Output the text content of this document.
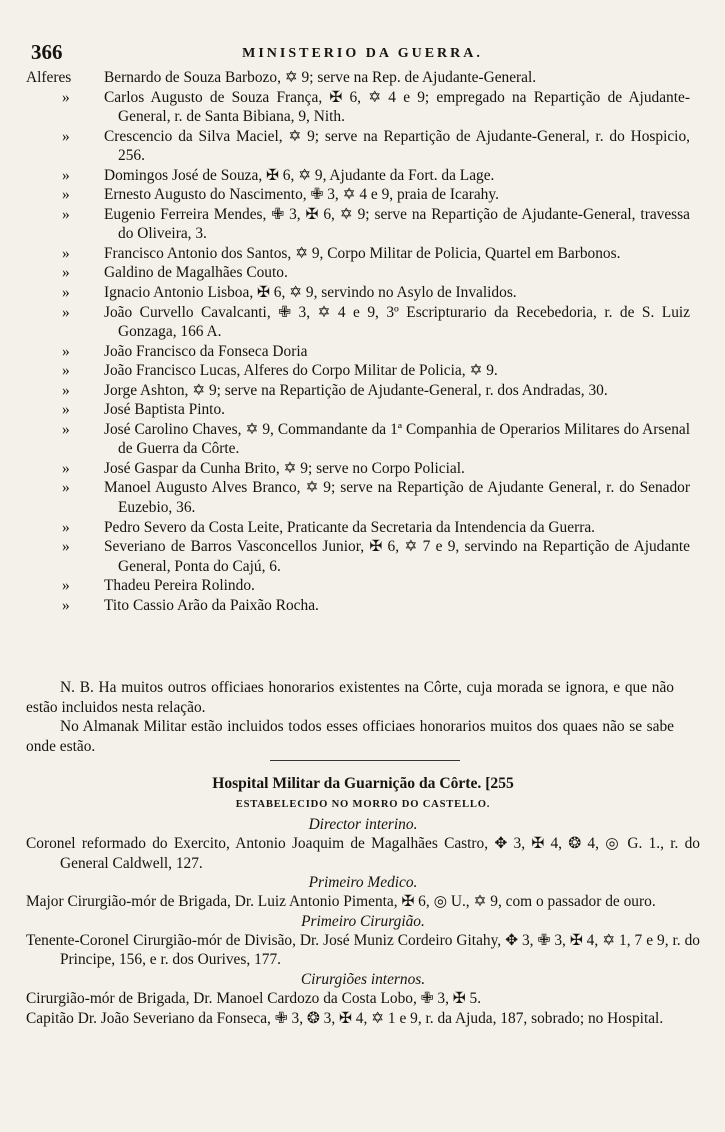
366	MINISTERIO DA GUERRA.
Alferes Bernardo de Souza Barbozo, ✡ 9; serve na Rep. de Ajudante-General.
»	Carlos Augusto de Souza França, ✠ 6, ✡ 4 e 9; empregado na Repartição de Ajudante-General, r. de Santa Bibiana, 9, Nith.
»	Crescencio da Silva Maciel, ✡ 9; serve na Repartição de Ajudante-General, r. do Hospicio, 256.
»	Domingos José de Souza, ✠ 6, ✡ 9, Ajudante da Fort. da Lage.
»	Ernesto Augusto do Nascimento, ✙ 3, ✡ 4 e 9, praia de Icarahy.
»	Eugenio Ferreira Mendes, ✙ 3, ✠ 6, ✡ 9; serve na Repartição de Ajudante-General, travessa do Oliveira, 3.
»	Francisco Antonio dos Santos, ✡ 9, Corpo Militar de Policia, Quartel em Barbonos.
»	Galdino de Magalhães Couto.
»	Ignacio Antonio Lisboa, ✠ 6, ✡ 9, servindo no Asylo de Invalidos.
»	João Curvello Cavalcanti, ✙ 3, ✡ 4 e 9, 3º Escripturario da Recebedoria, r. de S. Luiz Gonzaga, 166 A.
»	João Francisco da Fonseca Doria
»	João Francisco Lucas, Alferes do Corpo Militar de Policia, ✡ 9.
»	Jorge Ashton, ✡ 9; serve na Repartição de Ajudante-General, r. dos Andradas, 30.
»	José Baptista Pinto.
»	José Carolino Chaves, ✡ 9, Commandante da 1ª Companhia de Operarios Militares do Arsenal de Guerra da Côrte.
»	José Gaspar da Cunha Brito, ✡ 9; serve no Corpo Policial.
»	Manoel Augusto Alves Branco, ✡ 9; serve na Repartição de Ajudante General, r. do Senador Euzebio, 36.
»	Pedro Severo da Costa Leite, Praticante da Secretaria da Intendencia da Guerra.
»	Severiano de Barros Vasconcellos Junior, ✠ 6, ✡ 7 e 9, servindo na Repartição de Ajudante General, Ponta do Cajú, 6.
»	Thadeu Pereira Rolindo.
»	Tito Cassio Arão da Paixão Rocha.
N. B. Ha muitos outros officiaes honorarios existentes na Côrte, cuja morada se ignora, e que não estão incluidos nesta relação.
No Almanak Militar estão incluidos todos esses officiaes honorarios muitos dos quaes não se sabe onde estão.
Hospital Militar da Guarnição da Côrte. [255
ESTABELECIDO NO MORRO DO CASTELLO.
Director interino.
Coronel reformado do Exercito, Antonio Joaquim de Magalhães Castro, ✥ 3, ✠ 4, ❂ 4, ◎ G. 1., r. do General Caldwell, 127.
Primeiro Medico.
Major Cirurgião-mór de Brigada, Dr. Luiz Antonio Pimenta, ✠ 6, ◎ U., ✡ 9, com o passador de ouro.
Primeiro Cirurgião.
Tenente-Coronel Cirurgião-mór de Divisão, Dr. José Muniz Cordeiro Gitahy, ✥ 3, ✙ 3, ✠ 4, ✡ 1, 7 e 9, r. do Principe, 156, e r. dos Ourives, 177.
Cirurgiões internos.
Cirurgião-mór de Brigada, Dr. Manoel Cardozo da Costa Lobo, ✙ 3, ✠ 5.
Capitão Dr. João Severiano da Fonseca, ✙ 3, ❂ 3, ✠ 4, ✡ 1 e 9, r. da Ajuda, 187, sobrado; no Hospital.
